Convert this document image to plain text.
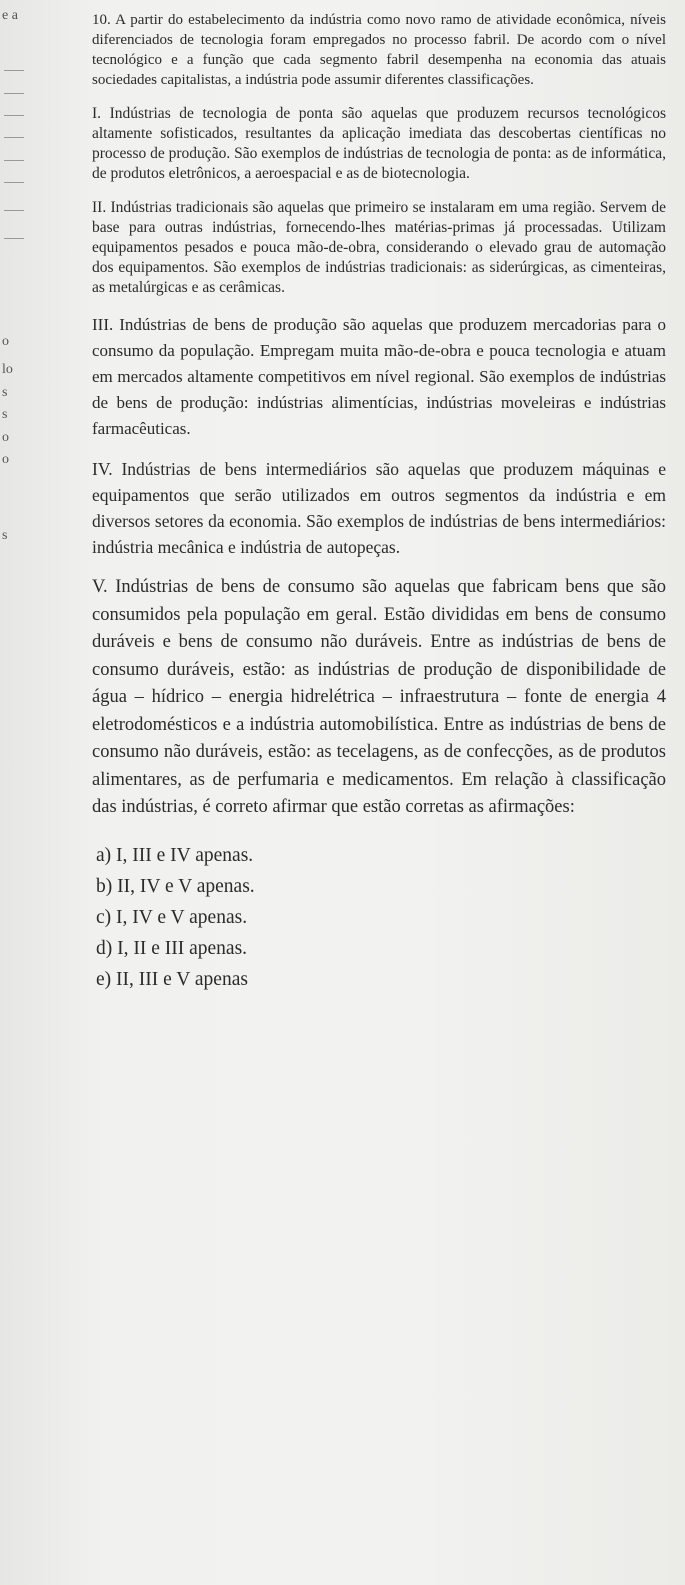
e a
o
lo
s
s
o
o
s

10. A partir do estabelecimento da indústria como novo ramo de atividade econômica, níveis diferenciados de tecnologia foram empregados no processo fabril. De acordo com o nível tecnológico e a função que cada segmento fabril desempenha na economia das atuais sociedades capitalistas, a indústria pode assumir diferentes classificações.

I. Indústrias de tecnologia de ponta são aquelas que produzem recursos tecnológicos altamente sofisticados, resultantes da aplicação imediata das descobertas científicas no processo de produção. São exemplos de indústrias de tecnologia de ponta: as de informática, de produtos eletrônicos, a aeroespacial e as de biotecnologia.

II. Indústrias tradicionais são aquelas que primeiro se instalaram em uma região. Servem de base para outras indústrias, fornecendo-lhes matérias-primas já processadas. Utilizam equipamentos pesados e pouca mão-de-obra, considerando o elevado grau de automação dos equipamentos. São exemplos de indústrias tradicionais: as siderúrgicas, as cimenteiras, as metalúrgicas e as cerâmicas.

III. Indústrias de bens de produção são aquelas que produzem mercadorias para o consumo da população. Empregam muita mão-de-obra e pouca tecnologia e atuam em mercados altamente competitivos em nível regional. São exemplos de indústrias de bens de produção: indústrias alimentícias, indústrias moveleiras e indústrias farmacêuticas.

IV. Indústrias de bens intermediários são aquelas que produzem máquinas e equipamentos que serão utilizados em outros segmentos da indústria e em diversos setores da economia. São exemplos de indústrias de bens intermediários: indústria mecânica e indústria de autopeças.

V. Indústrias de bens de consumo são aquelas que fabricam bens que são consumidos pela população em geral. Estão divididas em bens de consumo duráveis e bens de consumo não duráveis. Entre as indústrias de bens de consumo duráveis, estão: as indústrias de produção de disponibilidade de água – hídrico – energia hidrelétrica – infraestrutura – fonte de energia 4 eletrodomésticos e a indústria automobilística. Entre as indústrias de bens de consumo não duráveis, estão: as tecelagens, as de confecções, as de produtos alimentares, as de perfumaria e medicamentos. Em relação à classificação das indústrias, é correto afirmar que estão corretas as afirmações:

a) I, III e IV apenas.

b) II, IV e V apenas.

c) I, IV e V apenas.

d) I, II e III apenas.

e) II, III e V apenas
